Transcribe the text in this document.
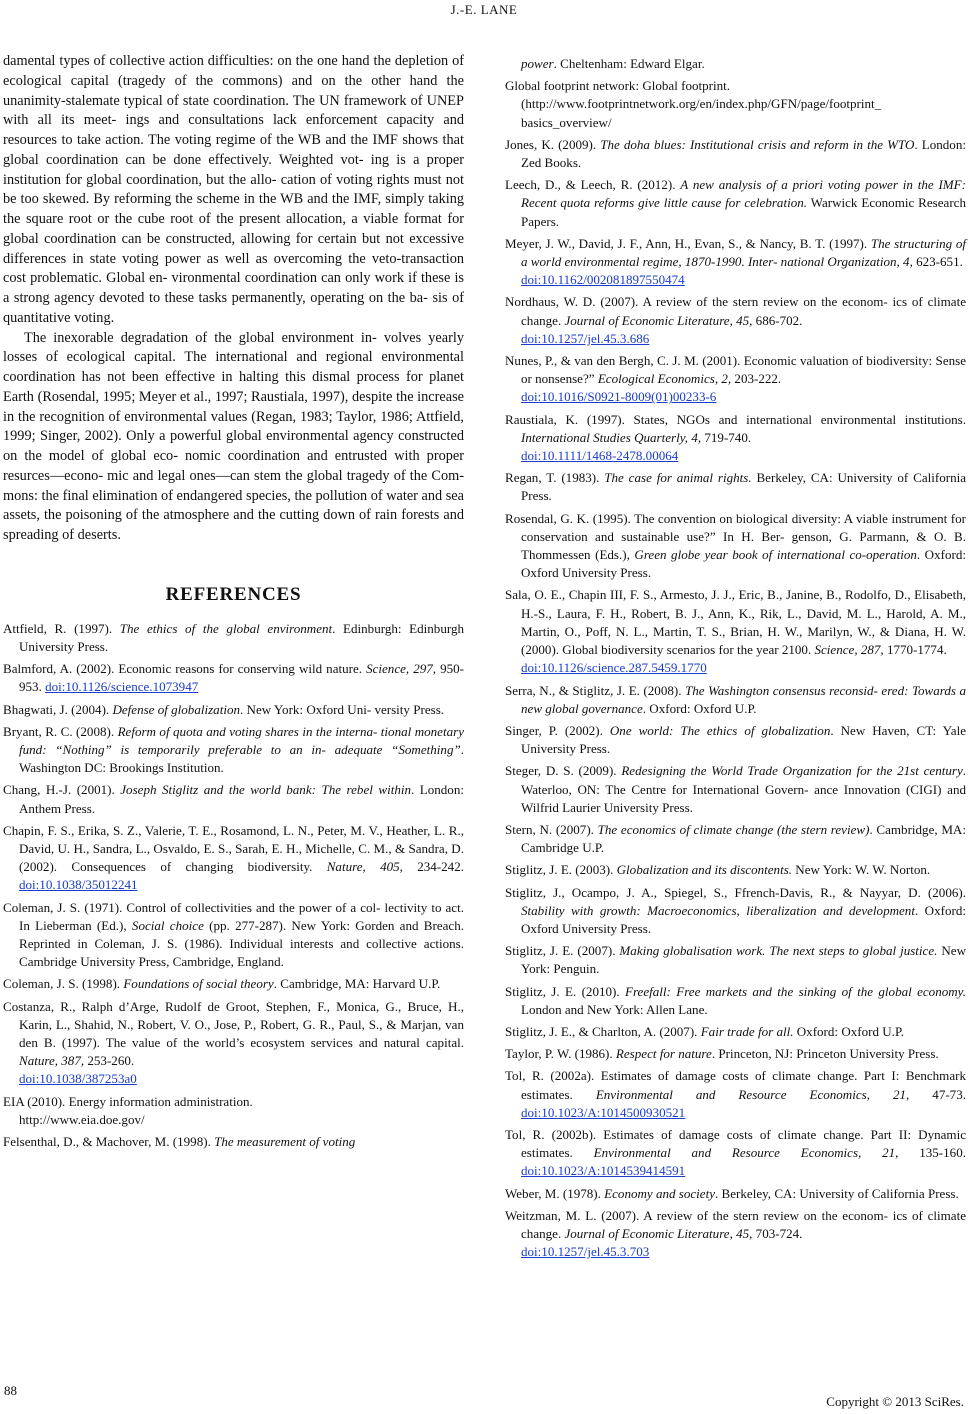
J.-E. LANE

damental types of collective action difficulties: on the one hand the depletion of ecological capital (tragedy of the commons) and on the other hand the unanimity-stalemate typical of state coordination. The UN framework of UNEP with all its meet- ings and consultations lack enforcement capacity and resources to take action. The voting regime of the WB and the IMF shows that global coordination can be done effectively. Weighted vot- ing is a proper institution for global coordination, but the allo- cation of voting rights must not be too skewed. By reforming the scheme in the WB and the IMF, simply taking the square root or the cube root of the present allocation, a viable format for global coordination can be constructed, allowing for certain but not excessive differences in state voting power as well as overcoming the veto-transaction cost problematic. Global en- vironmental coordination can only work if these is a strong agency devoted to these tasks permanently, operating on the ba- sis of quantitative voting.

The inexorable degradation of the global environment in- volves yearly losses of ecological capital. The international and regional environmental coordination has not been effective in halting this dismal process for planet Earth (Rosendal, 1995; Meyer et al., 1997; Raustiala, 1997), despite the increase in the recognition of environmental values (Regan, 1983; Taylor, 1986; Attfield, 1999; Singer, 2002). Only a powerful global environmental agency constructed on the model of global eco- nomic coordination and entrusted with proper resurces—econo- mic and legal ones—can stem the global tragedy of the Com- mons: the final elimination of endangered species, the pollution of water and sea assets, the poisoning of the atmosphere and the cutting down of rain forests and spreading of deserts.

REFERENCES

Attfield, R. (1997). The ethics of the global environment. Edinburgh: Edinburgh University Press.

Balmford, A. (2002). Economic reasons for conserving wild nature. Science, 297, 950-953. doi:10.1126/science.1073947

Bhagwati, J. (2004). Defense of globalization. New York: Oxford Uni- versity Press.

Bryant, R. C. (2008). Reform of quota and voting shares in the interna- tional monetary fund: “Nothing” is temporarily preferable to an in- adequate “Something”. Washington DC: Brookings Institution.

Chang, H.-J. (2001). Joseph Stiglitz and the world bank: The rebel within. London: Anthem Press.

Chapin, F. S., Erika, S. Z., Valerie, T. E., Rosamond, L. N., Peter, M. V., Heather, L. R., David, U. H., Sandra, L., Osvaldo, E. S., Sarah, E. H., Michelle, C. M., & Sandra, D. (2002). Consequences of changing biodiversity. Nature, 405, 234-242. doi:10.1038/35012241

Coleman, J. S. (1971). Control of collectivities and the power of a col- lectivity to act. In Lieberman (Ed.), Social choice (pp. 277-287). New York: Gorden and Breach. Reprinted in Coleman, J. S. (1986). Individual interests and collective actions. Cambridge University Press, Cambridge, England.

Coleman, J. S. (1998). Foundations of social theory. Cambridge, MA: Harvard U.P.

Costanza, R., Ralph d’Arge, Rudolf de Groot, Stephen, F., Monica, G., Bruce, H., Karin, L., Shahid, N., Robert, V. O., Jose, P., Robert, G. R., Paul, S., & Marjan, van den B. (1997). The value of the world’s ecosystem services and natural capital. Nature, 387, 253-260.
doi:10.1038/387253a0

EIA (2010). Energy information administration.
http://www.eia.doe.gov/

Felsenthal, D., & Machover, M. (1998). The measurement of voting

power. Cheltenham: Edward Elgar.

Global footprint network: Global footprint.
(http://www.footprintnetwork.org/en/index.php/GFN/page/footprint_ basics_overview/

Jones, K. (2009). The doha blues: Institutional crisis and reform in the WTO. London: Zed Books.

Leech, D., & Leech, R. (2012). A new analysis of a priori voting power in the IMF: Recent quota reforms give little cause for celebration. Warwick Economic Research Papers.

Meyer, J. W., David, J. F., Ann, H., Evan, S., & Nancy, B. T. (1997). The structuring of a world environmental regime, 1870-1990. Inter- national Organization, 4, 623-651.
doi:10.1162/002081897550474

Nordhaus, W. D. (2007). A review of the stern review on the econom- ics of climate change. Journal of Economic Literature, 45, 686-702.
doi:10.1257/jel.45.3.686

Nunes, P., & van den Bergh, C. J. M. (2001). Economic valuation of biodiversity: Sense or nonsense?” Ecological Economics, 2, 203-222.
doi:10.1016/S0921-8009(01)00233-6

Raustiala, K. (1997). States, NGOs and international environmental institutions. International Studies Quarterly, 4, 719-740.
doi:10.1111/1468-2478.00064

Regan, T. (1983). The case for animal rights. Berkeley, CA: University of California Press.

Rosendal, G. K. (1995). The convention on biological diversity: A viable instrument for conservation and sustainable use?” In H. Ber- genson, G. Parmann, & O. B. Thommessen (Eds.), Green globe year book of international co-operation. Oxford: Oxford University Press.

Sala, O. E., Chapin III, F. S., Armesto, J. J., Eric, B., Janine, B., Rodolfo, D., Elisabeth, H.-S., Laura, F. H., Robert, B. J., Ann, K., Rik, L., David, M. L., Harold, A. M., Martin, O., Poff, N. L., Martin, T. S., Brian, H. W., Marilyn, W., & Diana, H. W. (2000). Global biodiversity scenarios for the year 2100. Science, 287, 1770-1774.
doi:10.1126/science.287.5459.1770

Serra, N., & Stiglitz, J. E. (2008). The Washington consensus reconsid- ered: Towards a new global governance. Oxford: Oxford U.P.

Singer, P. (2002). One world: The ethics of globalization. New Haven, CT: Yale University Press.

Steger, D. S. (2009). Redesigning the World Trade Organization for the 21st century. Waterloo, ON: The Centre for International Govern- ance Innovation (CIGI) and Wilfrid Laurier University Press.

Stern, N. (2007). The economics of climate change (the stern review). Cambridge, MA: Cambridge U.P.

Stiglitz, J. E. (2003). Globalization and its discontents. New York: W. W. Norton.

Stiglitz, J., Ocampo, J. A., Spiegel, S., Ffrench-Davis, R., & Nayyar, D. (2006). Stability with growth: Macroeconomics, liberalization and development. Oxford: Oxford University Press.

Stiglitz, J. E. (2007). Making globalisation work. The next steps to global justice. New York: Penguin.

Stiglitz, J. E. (2010). Freefall: Free markets and the sinking of the global economy. London and New York: Allen Lane.

Stiglitz, J. E., & Charlton, A. (2007). Fair trade for all. Oxford: Oxford U.P.

Taylor, P. W. (1986). Respect for nature. Princeton, NJ: Princeton University Press.

Tol, R. (2002a). Estimates of damage costs of climate change. Part I: Benchmark estimates. Environmental and Resource Economics, 21, 47-73. doi:10.1023/A:1014500930521

Tol, R. (2002b). Estimates of damage costs of climate change. Part II: Dynamic estimates. Environmental and Resource Economics, 21, 135-160. doi:10.1023/A:1014539414591

Weber, M. (1978). Economy and society. Berkeley, CA: University of California Press.

Weitzman, M. L. (2007). A review of the stern review on the econom- ics of climate change. Journal of Economic Literature, 45, 703-724.
doi:10.1257/jel.45.3.703

88
Copyright © 2013 SciRes.
